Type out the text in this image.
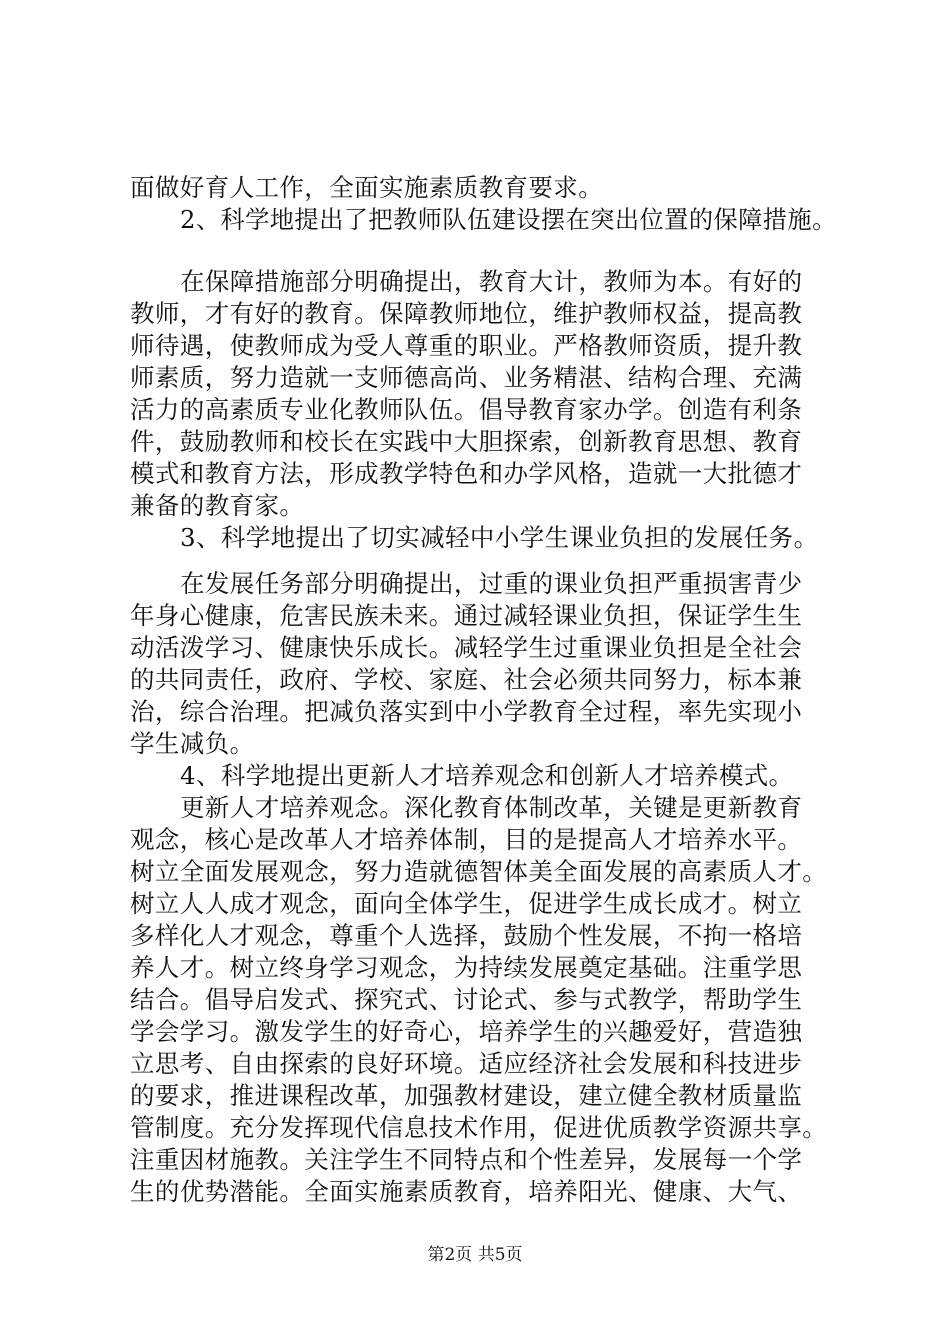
面做好育人工作，全面实施素质教育要求。
2、科学地提出了把教师队伍建设摆在突出位置的保障措施。
在保障措施部分明确提出，教育大计，教师为本。有好的
教师，才有好的教育。保障教师地位，维护教师权益，提高教
师待遇，使教师成为受人尊重的职业。严格教师资质，提升教
师素质，努力造就一支师德高尚、业务精湛、结构合理、充满
活力的高素质专业化教师队伍。倡导教育家办学。创造有利条
件，鼓励教师和校长在实践中大胆探索，创新教育思想、教育
模式和教育方法，形成教学特色和办学风格，造就一大批德才
兼备的教育家。
3、科学地提出了切实减轻中小学生课业负担的发展任务。
在发展任务部分明确提出，过重的课业负担严重损害青少
年身心健康，危害民族未来。通过减轻课业负担，保证学生生
动活泼学习、健康快乐成长。减轻学生过重课业负担是全社会
的共同责任，政府、学校、家庭、社会必须共同努力，标本兼
治，综合治理。把减负落实到中小学教育全过程，率先实现小
学生减负。
4、科学地提出更新人才培养观念和创新人才培养模式。
更新人才培养观念。深化教育体制改革，关键是更新教育
观念，核心是改革人才培养体制，目的是提高人才培养水平。
树立全面发展观念，努力造就德智体美全面发展的高素质人才。
树立人人成才观念，面向全体学生，促进学生成长成才。树立
多样化人才观念，尊重个人选择，鼓励个性发展，不拘一格培
养人才。树立终身学习观念，为持续发展奠定基础。注重学思
结合。倡导启发式、探究式、讨论式、参与式教学，帮助学生
学会学习。激发学生的好奇心，培养学生的兴趣爱好，营造独
立思考、自由探索的良好环境。适应经济社会发展和科技进步
的要求，推进课程改革，加强教材建设，建立健全教材质量监
管制度。充分发挥现代信息技术作用，促进优质教学资源共享。
注重因材施教。关注学生不同特点和个性差异，发展每一个学
生的优势潜能。全面实施素质教育，培养阳光、健康、大气、
第2页 共5页
